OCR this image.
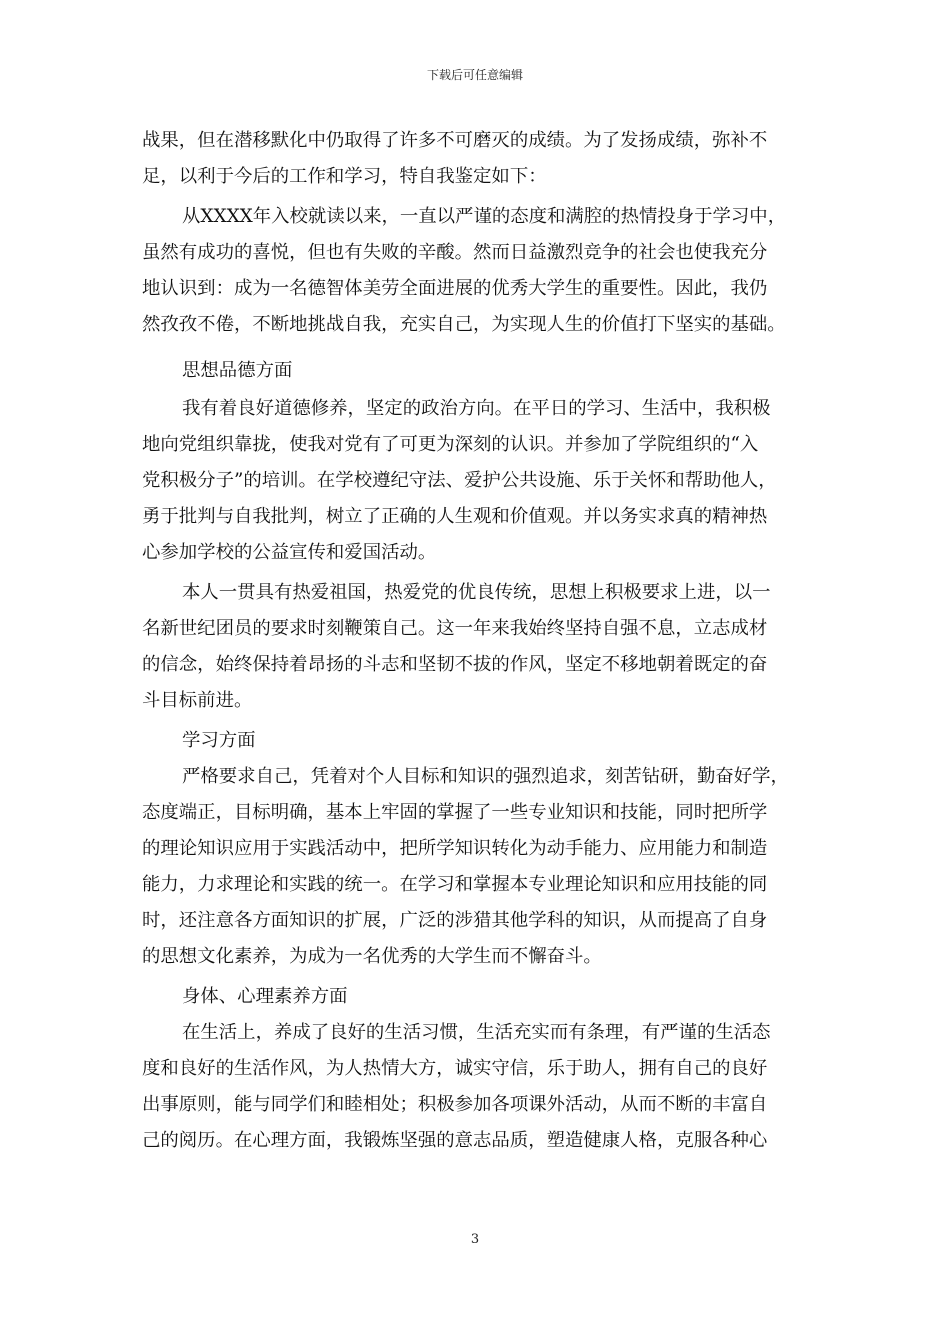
下载后可任意编辑
战果，但在潜移默化中仍取得了许多不可磨灭的成绩。为了发扬成绩，弥补不
足，以利于今后的工作和学习，特自我鉴定如下：
从XXXX年入校就读以来，一直以严谨的态度和满腔的热情投身于学习中，
虽然有成功的喜悦，但也有失败的辛酸。然而日益激烈竞争的社会也使我充分
地认识到：成为一名德智体美劳全面进展的优秀大学生的重要性。因此，我仍
然孜孜不倦，不断地挑战自我，充实自己，为实现人生的价值打下坚实的基础。
思想品德方面
我有着良好道德修养，坚定的政治方向。在平日的学习、生活中，我积极
地向党组织靠拢，使我对党有了可更为深刻的认识。并参加了学院组织的“入
党积极分子”的培训。在学校遵纪守法、爱护公共设施、乐于关怀和帮助他人，
勇于批判与自我批判，树立了正确的人生观和价值观。并以务实求真的精神热
心参加学校的公益宣传和爱国活动。
本人一贯具有热爱祖国，热爱党的优良传统，思想上积极要求上进，以一
名新世纪团员的要求时刻鞭策自己。这一年来我始终坚持自强不息，立志成材
的信念，始终保持着昂扬的斗志和坚韧不拔的作风，坚定不移地朝着既定的奋
斗目标前进。
学习方面
严格要求自己，凭着对个人目标和知识的强烈追求，刻苦钻研，勤奋好学，
态度端正，目标明确，基本上牢固的掌握了一些专业知识和技能，同时把所学
的理论知识应用于实践活动中，把所学知识转化为动手能力、应用能力和制造
能力，力求理论和实践的统一。在学习和掌握本专业理论知识和应用技能的同
时，还注意各方面知识的扩展，广泛的涉猎其他学科的知识，从而提高了自身
的思想文化素养，为成为一名优秀的大学生而不懈奋斗。
身体、心理素养方面
在生活上，养成了良好的生活习惯，生活充实而有条理，有严谨的生活态
度和良好的生活作风，为人热情大方，诚实守信，乐于助人，拥有自己的良好
出事原则，能与同学们和睦相处；积极参加各项课外活动，从而不断的丰富自
己的阅历。在心理方面，我锻炼坚强的意志品质，塑造健康人格，克服各种心
3
